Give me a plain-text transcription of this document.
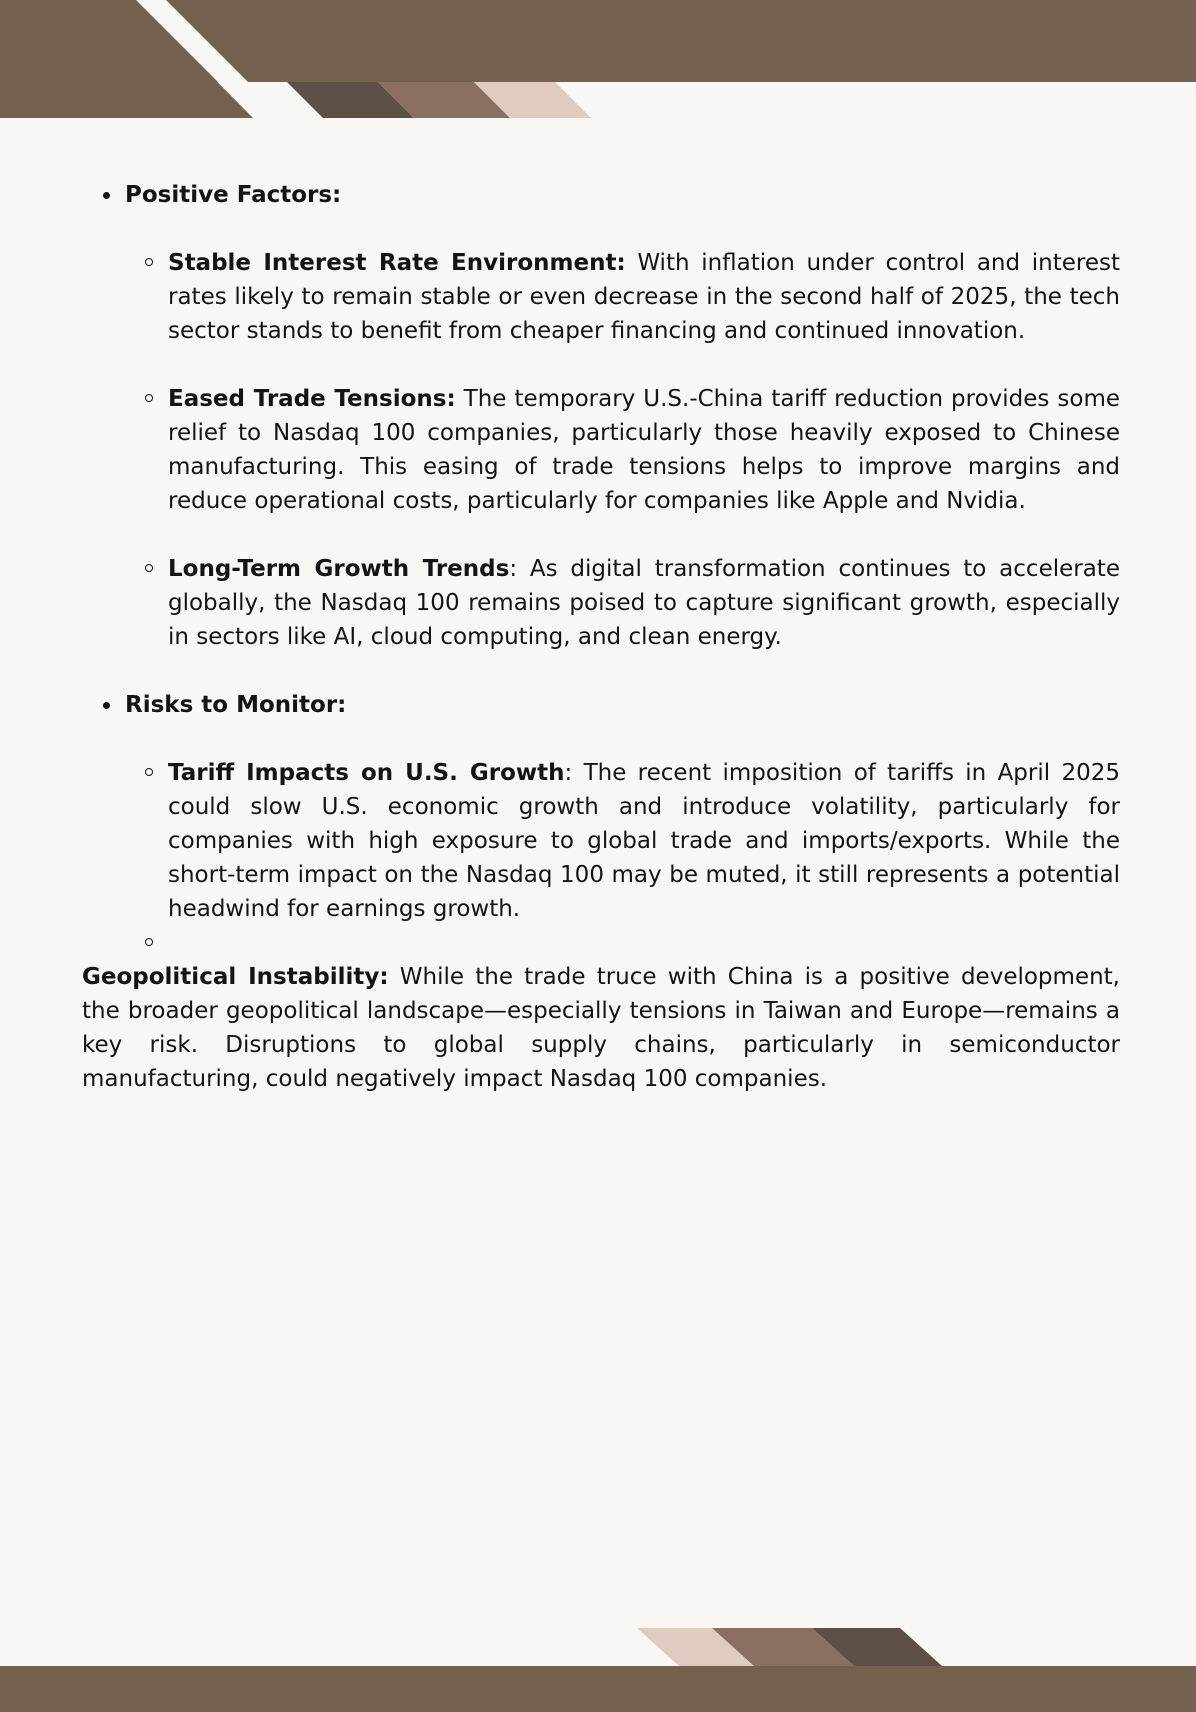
Positive Factors:
Stable Interest Rate Environment: With inflation under control and interest rates likely to remain stable or even decrease in the second half of 2025, the tech sector stands to benefit from cheaper financing and continued innovation.
Eased Trade Tensions: The temporary U.S.-China tariff reduction provides some relief to Nasdaq 100 companies, particularly those heavily exposed to Chinese manufacturing. This easing of trade tensions helps to improve margins and reduce operational costs, particularly for companies like Apple and Nvidia.
Long-Term Growth Trends: As digital transformation continues to accelerate globally, the Nasdaq 100 remains poised to capture significant growth, especially in sectors like AI, cloud computing, and clean energy.
Risks to Monitor:
Tariff Impacts on U.S. Growth: The recent imposition of tariffs in April 2025 could slow U.S. economic growth and introduce volatility, particularly for companies with high exposure to global trade and imports/exports. While the short-term impact on the Nasdaq 100 may be muted, it still represents a potential headwind for earnings growth.

Geopolitical Instability: While the trade truce with China is a positive development, the broader geopolitical landscape—especially tensions in Taiwan and Europe—remains a key risk. Disruptions to global supply chains, particularly in semiconductor manufacturing, could negatively impact Nasdaq 100 companies.
